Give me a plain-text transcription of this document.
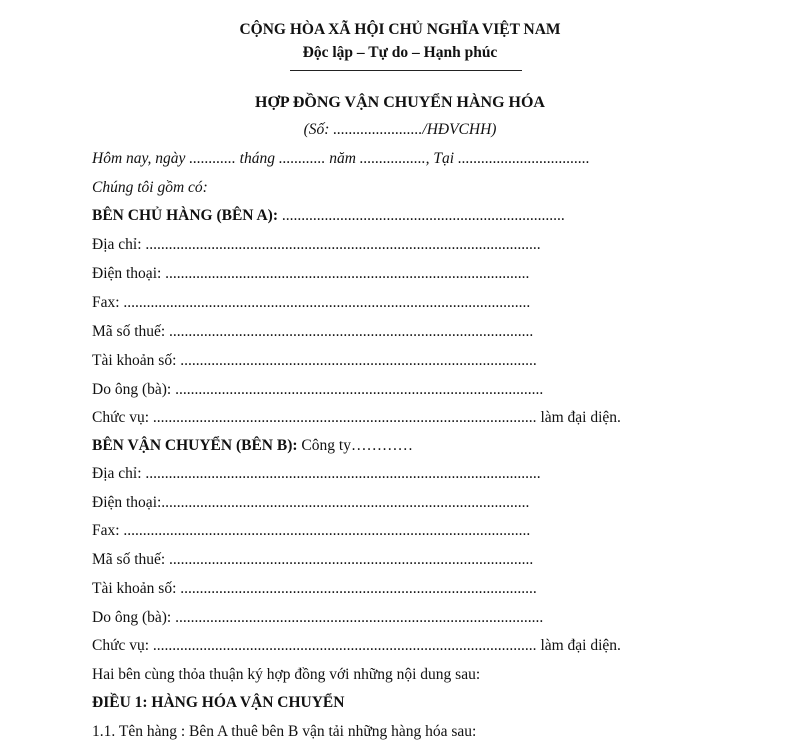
CỘNG HÒA XÃ HỘI CHỦ NGHĨA VIỆT NAM
Độc lập – Tự do – Hạnh phúc
HỢP ĐỒNG VẬN CHUYỂN HÀNG HÓA
(Số: ......................./HĐVCHH)
Hôm nay, ngày ............ tháng ............ năm ................., Tại ..................................
Chúng tôi gồm có:
BÊN CHỦ HÀNG (BÊN A): .........................................................................
Địa chỉ: ......................................................................................................
Điện thoại: ..............................................................................................
Fax: .........................................................................................................
Mã số thuế: ..............................................................................................
Tài khoản số: ............................................................................................
Do ông (bà): ...............................................................................................
Chức vụ: ................................................................................................... làm đại diện.
BÊN VẬN CHUYỂN (BÊN B): Công ty…………
Địa chỉ: ......................................................................................................
Điện thoại:...............................................................................................
Fax: .........................................................................................................
Mã số thuế: ..............................................................................................
Tài khoản số: ............................................................................................
Do ông (bà): ...............................................................................................
Chức vụ: ................................................................................................... làm đại diện.
Hai bên cùng thỏa thuận ký hợp đồng với những nội dung sau:
ĐIỀU 1: HÀNG HÓA VẬN CHUYỂN
1.1. Tên hàng : Bên A thuê bên B vận tải những hàng hóa sau:
